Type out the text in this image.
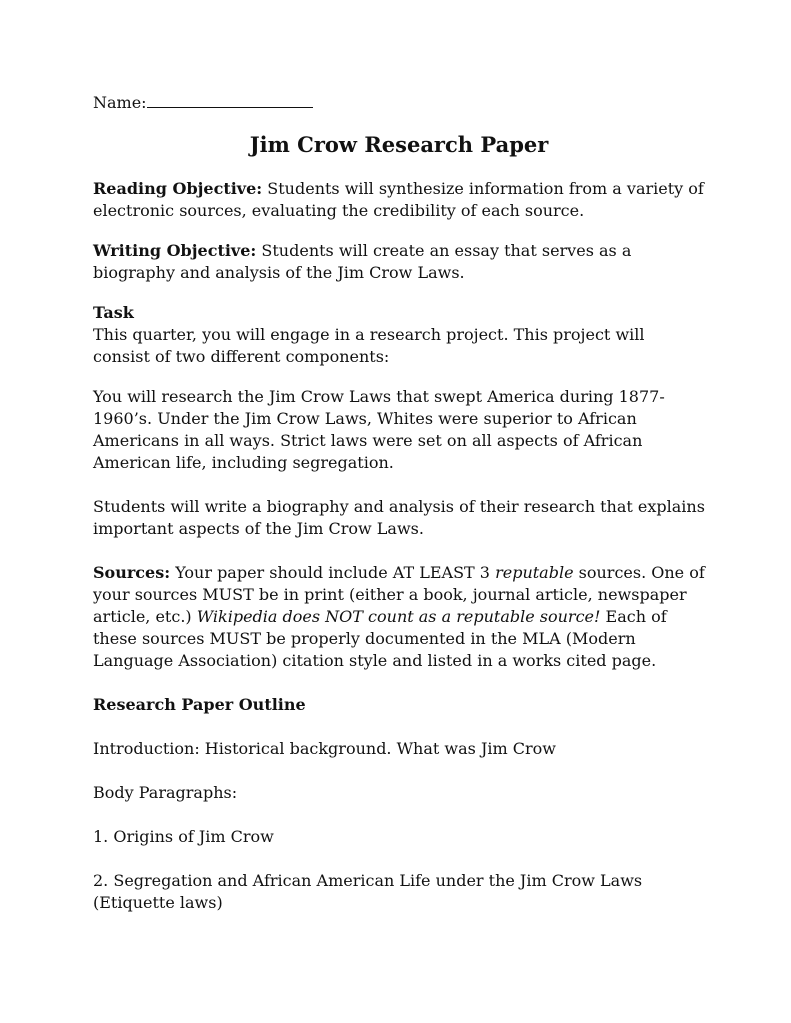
Name:

Jim Crow Research Paper

Reading Objective: Students will synthesize information from a variety of electronic sources, evaluating the credibility of each source.

Writing Objective: Students will create an essay that serves as a biography and analysis of the Jim Crow Laws.

Task

This quarter, you will engage in a research project. This project will consist of two different components:

You will research the Jim Crow Laws that swept America during 1877-1960’s. Under the Jim Crow Laws, Whites were superior to African Americans in all ways. Strict laws were set on all aspects of African American life, including segregation.

Students will write a biography and analysis of their research that explains important aspects of the Jim Crow Laws.

Sources: Your paper should include AT LEAST 3 reputable sources. One of your sources MUST be in print (either a book, journal article, newspaper article, etc.) Wikipedia does NOT count as a reputable source! Each of these sources MUST be properly documented in the MLA (Modern Language Association) citation style and listed in a works cited page.

Research Paper Outline

Introduction: Historical background. What was Jim Crow

Body Paragraphs:

1. Origins of Jim Crow

2. Segregation and African American Life under the Jim Crow Laws (Etiquette laws)
